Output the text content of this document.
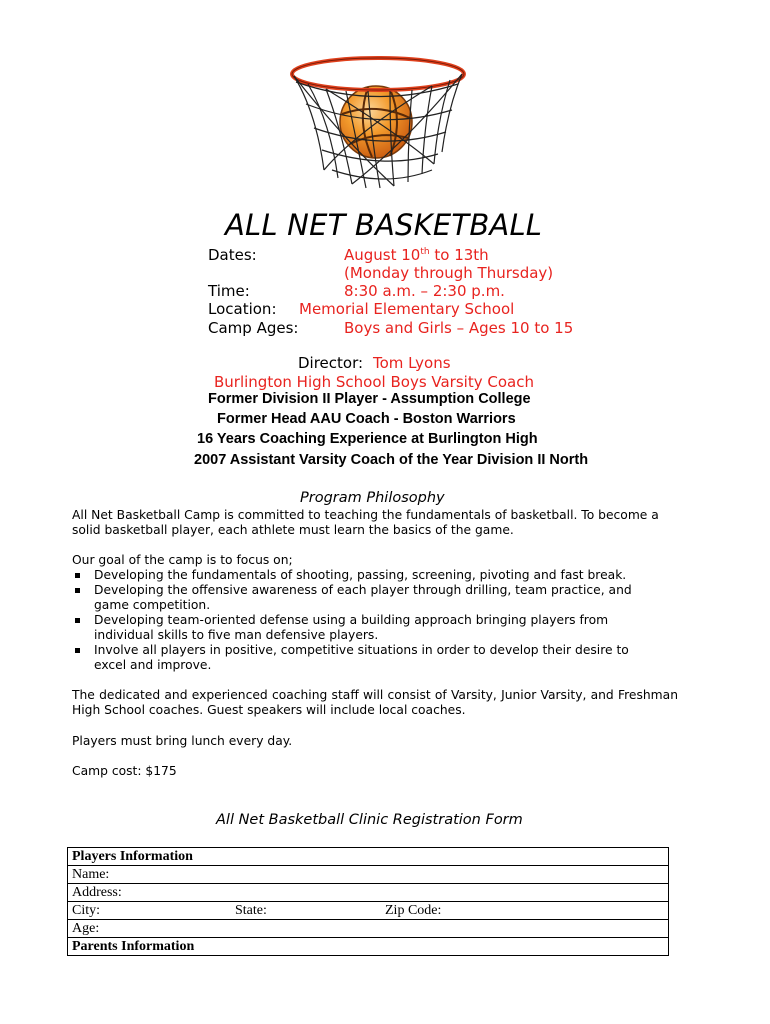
ALL NET BASKETBALL
Dates:	August 10th to 13th
(Monday through Thursday)
Time:	8:30 a.m. – 2:30 p.m.
Location: Memorial Elementary School
Camp Ages:	Boys and Girls – Ages 10 to 15
Director: Tom Lyons
Burlington High School Boys Varsity Coach
Former Division II Player - Assumption College
Former Head AAU Coach - Boston Warriors
16 Years Coaching Experience at Burlington High
2007 Assistant Varsity Coach of the Year Division II North
Program Philosophy
All Net Basketball Camp is committed to teaching the fundamentals of basketball. To become a solid basketball player, each athlete must learn the basics of the game.
Our goal of the camp is to focus on;
Developing the fundamentals of shooting, passing, screening, pivoting and fast break.
Developing the offensive awareness of each player through drilling, team practice, and game competition.
Developing team-oriented defense using a building approach bringing players from individual skills to five man defensive players.
Involve all players in positive, competitive situations in order to develop their desire to excel and improve.
The dedicated and experienced coaching staff will consist of Varsity, Junior Varsity, and Freshman High School coaches. Guest speakers will include local coaches.
Players must bring lunch every day.
Camp cost: $175
All Net Basketball Clinic Registration Form
Players Information
Name:
Address:

City:	State:	Zip Code:

Age:
Parents Information
